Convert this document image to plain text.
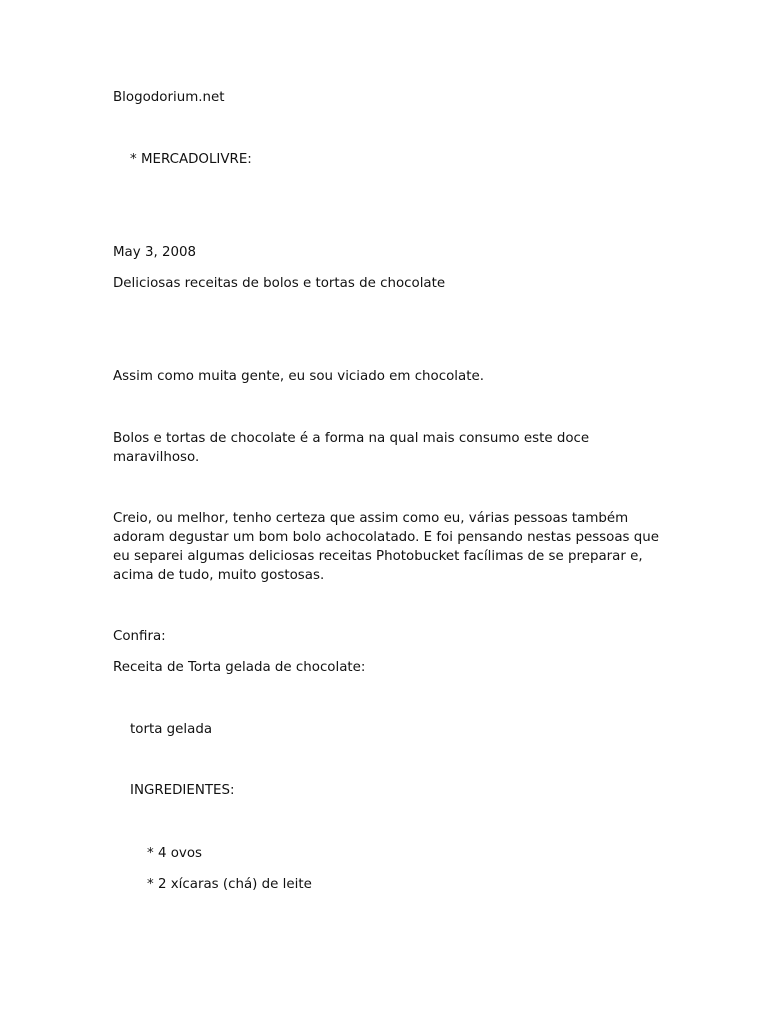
Blogodorium.net
* MERCADOLIVRE:
May 3, 2008
Deliciosas receitas de bolos e tortas de chocolate
Assim como muita gente, eu sou viciado em chocolate.
Bolos e tortas de chocolate é a forma na qual mais consumo este doce maravilhoso.
Creio, ou melhor, tenho certeza que assim como eu, várias pessoas também adoram degustar um bom bolo achocolatado. E foi pensando nestas pessoas que eu separei algumas deliciosas receitas Photobucket facílimas de se preparar e, acima de tudo, muito gostosas.
Confira:
Receita de Torta gelada de chocolate:
torta gelada
INGREDIENTES:
* 4 ovos
* 2 xícaras (chá) de leite
